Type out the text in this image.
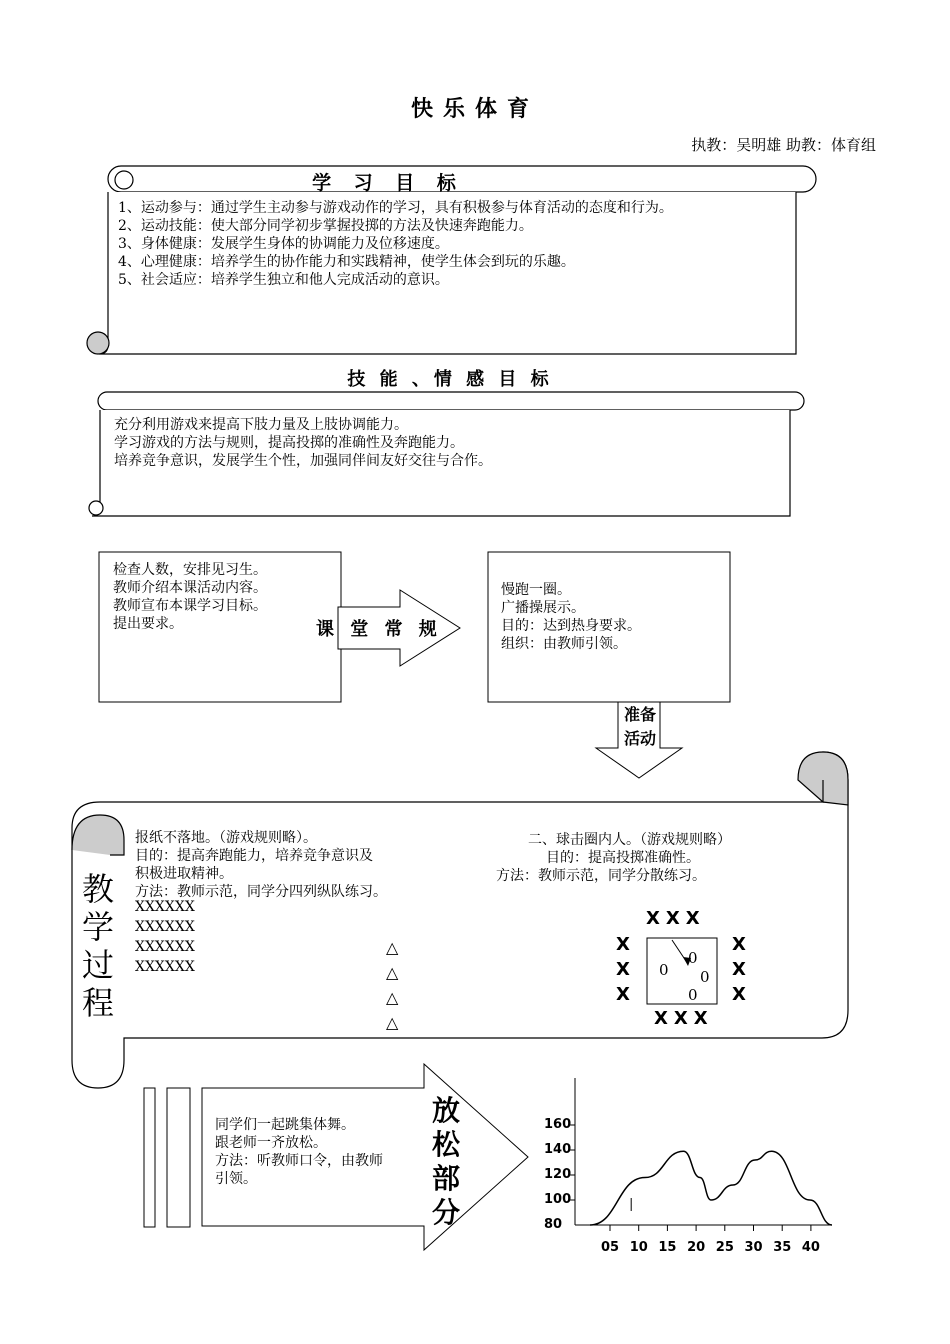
快乐体育
执教：吴明雄 助教：体育组
学 习 目 标
1、运动参与：通过学生主动参与游戏动作的学习，具有积极参与体育活动的态度和行为。
2、运动技能：使大部分同学初步掌握投掷的方法及快速奔跑能力。
3、身体健康：发展学生身体的协调能力及位移速度。
4、心理健康：培养学生的协作能力和实践精神，使学生体会到玩的乐趣。
5、社会适应：培养学生独立和他人完成活动的意识。
技 能 、情 感 目 标
充分利用游戏来提高下肢力量及上肢协调能力。
学习游戏的方法与规则，提高投掷的准确性及奔跑能力。
培养竞争意识，发展学生个性，加强同伴间友好交往与合作。
检查人数，安排见习生。
教师介绍本课活动内容。
教师宣布本课学习目标。
提出要求。	课 堂 常 规
慢跑一圈。
广播操展示。
目的：达到热身要求。
组织：由教师引领。
准备
活动
教
学
过
程
报纸不落地。（游戏规则略）。
目的：提高奔跑能力，培养竞争意识及
积极进取精神。
方法：教师示范，同学分四列纵队练习。
XXXXXX
XXXXXX
XXXXXX
XXXXXX
△
△
△
△
二、球击圈内人。（游戏规则略）
目的：提高投掷准确性。
方法：教师示范，同学分散练习。
XXX
XXX
X
X
X
X
X
X
0
0 0
0
同学们一起跳集体舞。
跟老师一齐放松。
方法：听教师口令，由教师
引领。
放
松
部
分	80
100
120
140
160
05 10 15 20 25 30 35 40
|
